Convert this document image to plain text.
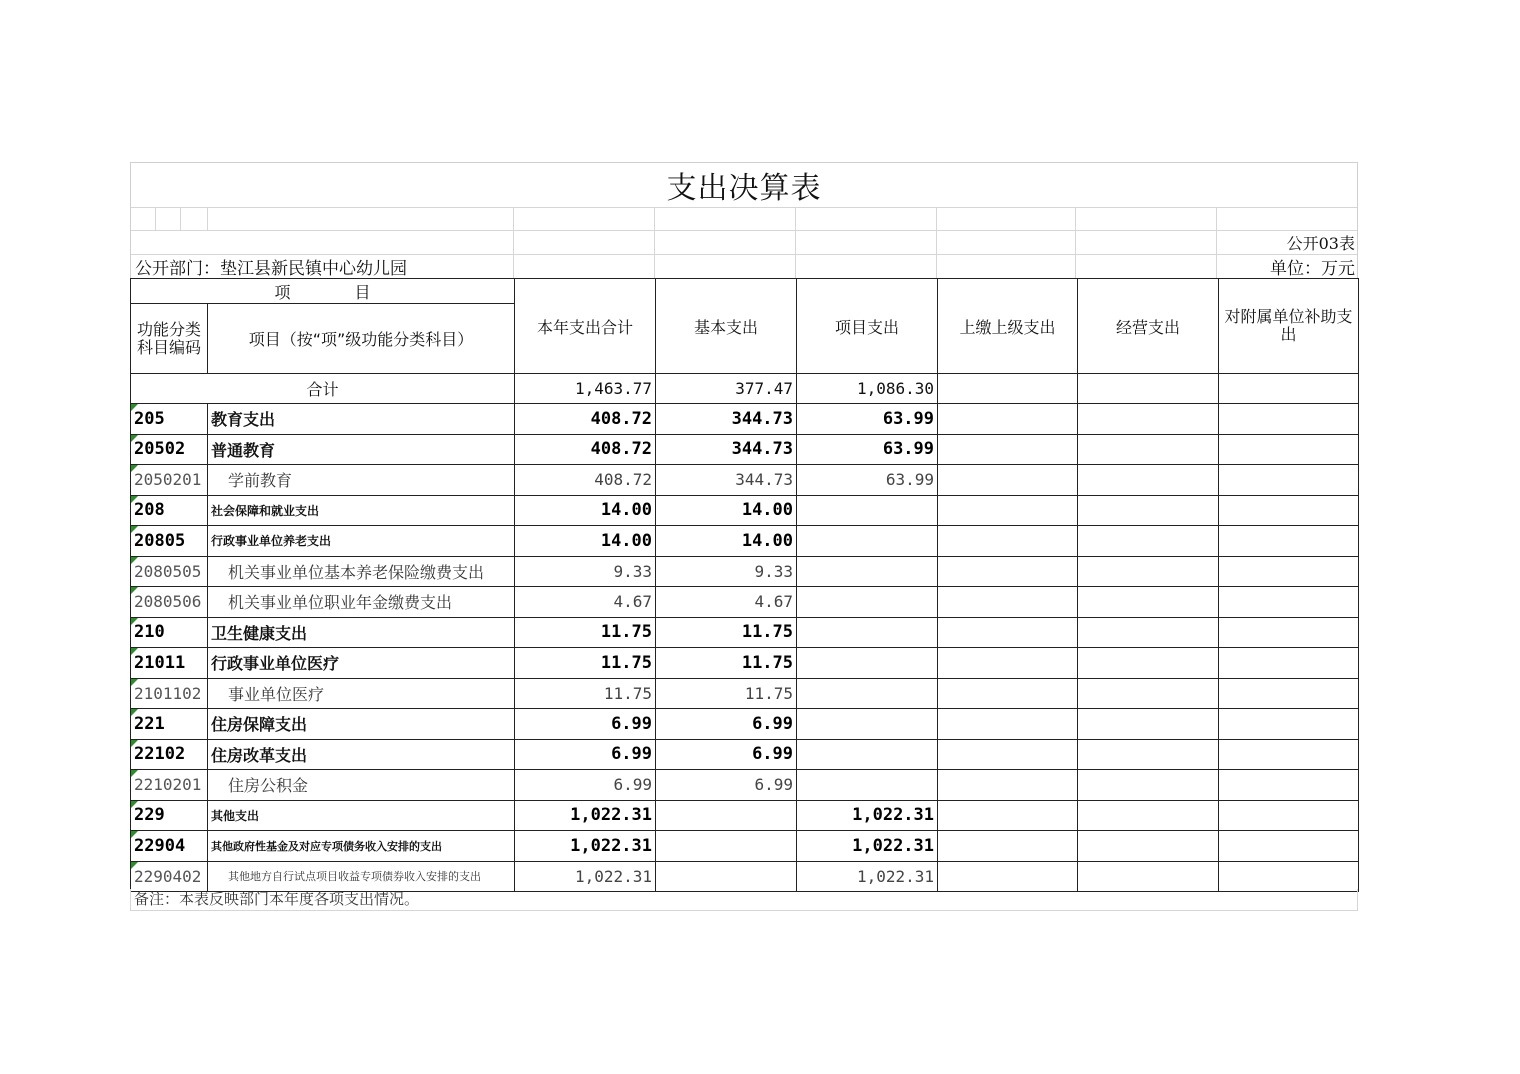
支出决算表
公开03表
公开部门：垫江县新民镇中心幼儿园	单位：万元
项　　　　目		本年支出合计	基本支出	项目支出	上缴上级支出	经营支出	对附属单位补助支出
功能分类科目编码	项目（按“项”级功能分类科目）						
合计		1,463.77	377.47	1,086.30			

205	教育支出	408.72	344.73	63.99			

20502	普通教育	408.72	344.73	63.99			

2050201	学前教育	408.72	344.73	63.99			

208	社会保障和就业支出	14.00	14.00				

20805	行政事业单位养老支出	14.00	14.00				

2080505	机关事业单位基本养老保险缴费支出	9.33	9.33				

2080506	机关事业单位职业年金缴费支出	4.67	4.67				

210	卫生健康支出	11.75	11.75				

21011	行政事业单位医疗	11.75	11.75				

2101102	事业单位医疗	11.75	11.75				

221	住房保障支出	6.99	6.99				

22102	住房改革支出	6.99	6.99				

2210201	住房公积金	6.99	6.99				

229	其他支出	1,022.31		1,022.31			

22904	其他政府性基金及对应专项债务收入安排的支出	1,022.31		1,022.31			

2290402	其他地方自行试点项目收益专项债券收入安排的支出	1,022.31		1,022.31			
备注：本表反映部门本年度各项支出情况。
